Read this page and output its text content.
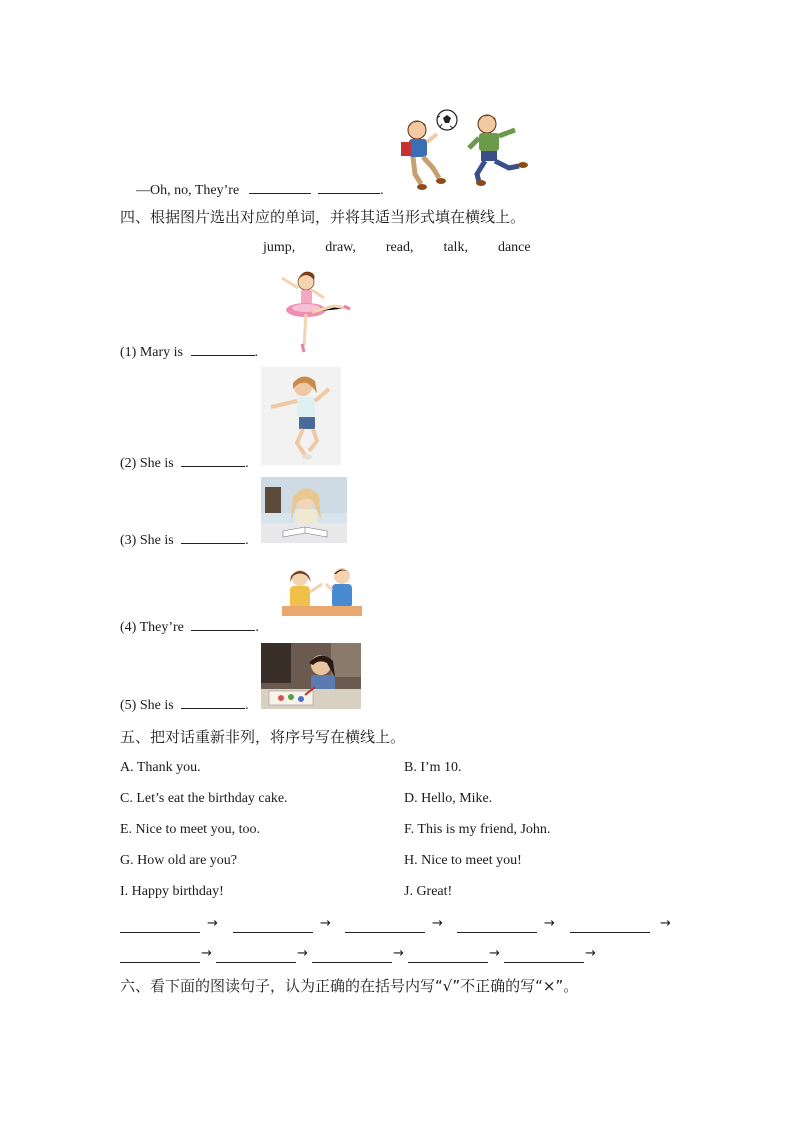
—Oh, no, They’re	.
四、根据图片选出对应的单词，并将其适当形式填在横线上。
jump, draw, read, talk, dance
(1) Mary is	.
(2) She is	.
(3) She is	.
(4) They’re	.
(5) She is	.
五、把对话重新非列，将序号写在横线上。
A. Thank you.	B. I’m 10.
C. Let’s eat the birthday cake.	D. Hello, Mike.
E. Nice to meet you, too.	F. This is my friend, John.
G. How old are you?	H. Nice to meet you!
I. Happy birthday!	J. Great!
→	→	→	→	→
→	→	→	→	→
六、看下面的图读句子，认为正确的在括号内写“√”不正确的写“×”。
